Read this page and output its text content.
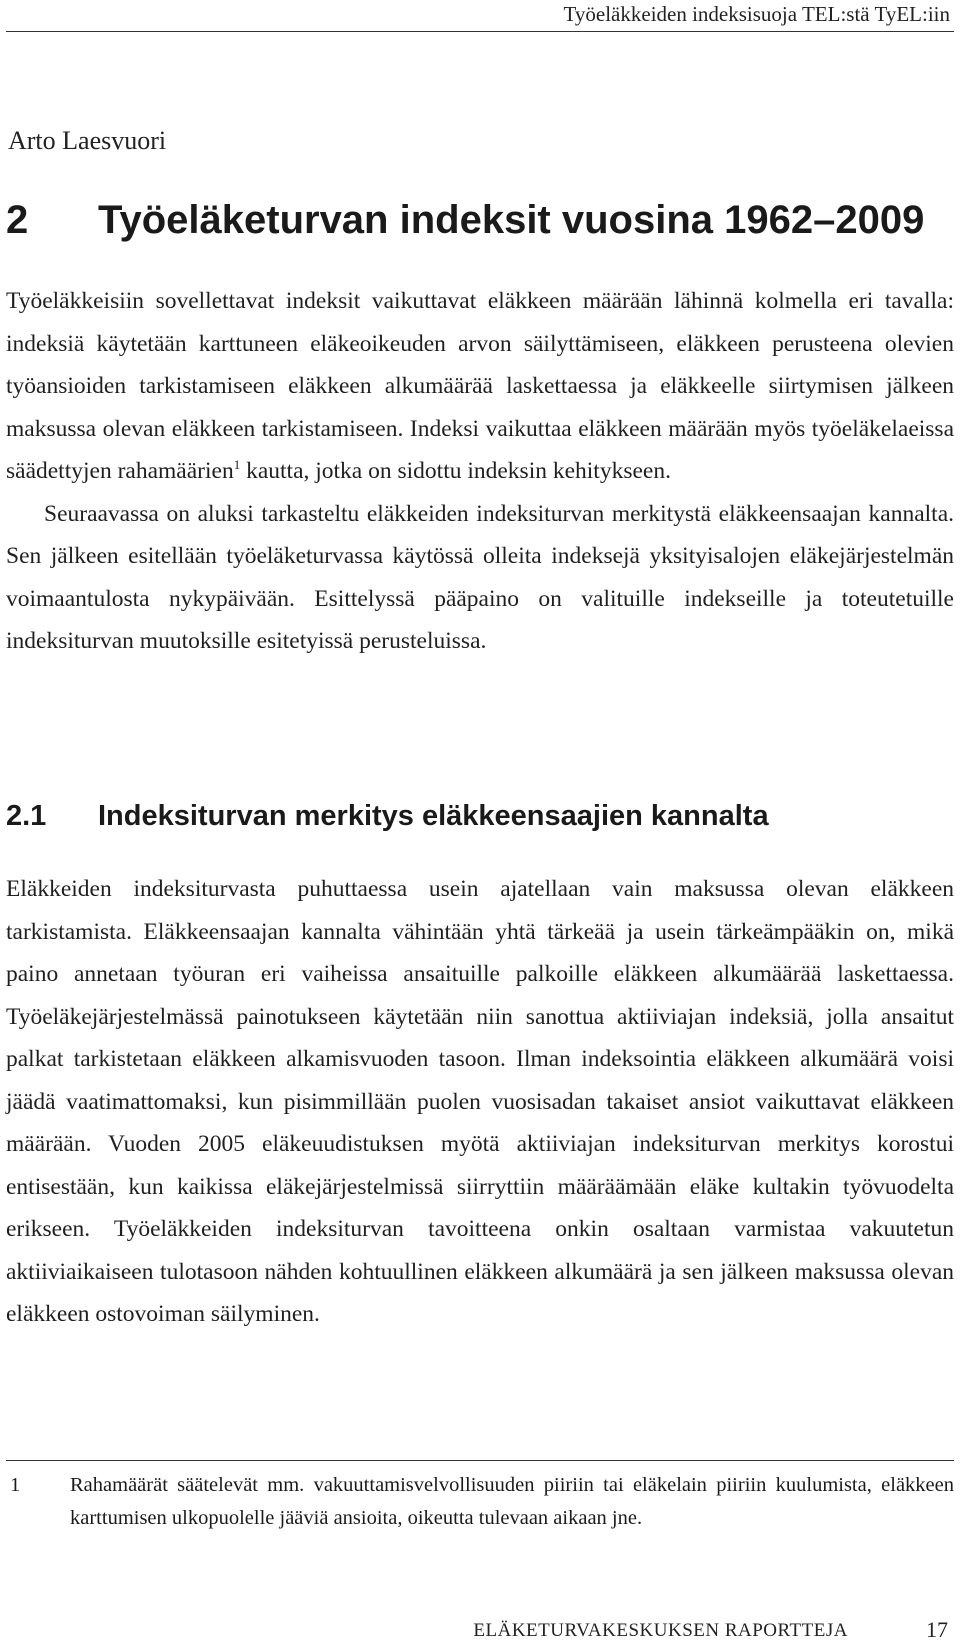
Työeläkkeiden indeksisuoja TEL:stä TyEL:iin
Arto Laesvuori
2 Työeläketurvan indeksit vuosina 1962–2009

Työeläkkeisiin sovellettavat indeksit vaikuttavat eläkkeen määrään lähinnä kolmella eri tavalla: indeksiä käytetään karttuneen eläkeoikeuden arvon säilyttämiseen, eläkkeen perusteena olevien työansioiden tarkistamiseen eläkkeen alkumäärää laskettaessa ja eläkkeelle siirtymisen jälkeen maksussa olevan eläkkeen tarkistamiseen. Indeksi vaikuttaa eläkkeen määrään myös työeläkelaeissa säädettyjen rahamäärien$^1$ kautta, jotka on sidottu indeksin kehitykseen.

Seuraavassa on aluksi tarkasteltu eläkkeiden indeksiturvan merkitystä eläkkeensaajan kannalta. Sen jälkeen esitellään työeläketurvassa käytössä olleita indeksejä yksityisalojen eläkejärjestelmän voimaantulosta nykypäivään. Esittelyssä pääpaino on valituille indekseille ja toteutetuille indeksiturvan muutoksille esitetyissä perusteluissa.

2.1 Indeksiturvan merkitys eläkkeensaajien kannalta

Eläkkeiden indeksiturvasta puhuttaessa usein ajatellaan vain maksussa olevan eläkkeen tarkistamista. Eläkkeensaajan kannalta vähintään yhtä tärkeää ja usein tärkeämpääkin on, mikä paino annetaan työuran eri vaiheissa ansaituille palkoille eläkkeen alkumäärää laskettaessa. Työeläkejärjestelmässä painotukseen käytetään niin sanottua aktiiviajan indeksiä, jolla ansaitut palkat tarkistetaan eläkkeen alkamisvuoden tasoon. Ilman indeksointia eläkkeen alkumäärä voisi jäädä vaatimattomaksi, kun pisimmillään puolen vuosisadan takaiset ansiot vaikuttavat eläkkeen määrään. Vuoden 2005 eläkeuudistuksen myötä aktiiviajan indeksiturvan merkitys korostui entisestään, kun kaikissa eläkejärjestelmissä siirryttiin määräämään eläke kultakin työvuodelta erikseen. Työeläkkeiden indeksiturvan tavoitteena onkin osaltaan varmistaa vakuutetun aktiiviaikaiseen tulotasoon nähden kohtuullinen eläkkeen alkumäärä ja sen jälkeen maksussa olevan eläkkeen ostovoiman säilyminen.

1 Rahamäärät säätelevät mm. vakuuttamisvelvollisuuden piiriin tai eläkelain piiriin kuulumista, eläkkeen karttumisen ulkopuolelle jääviä ansioita, oikeutta tulevaan aikaan jne.
ELÄKETURVAKESKUKSEN RAPORTTEJA	17
